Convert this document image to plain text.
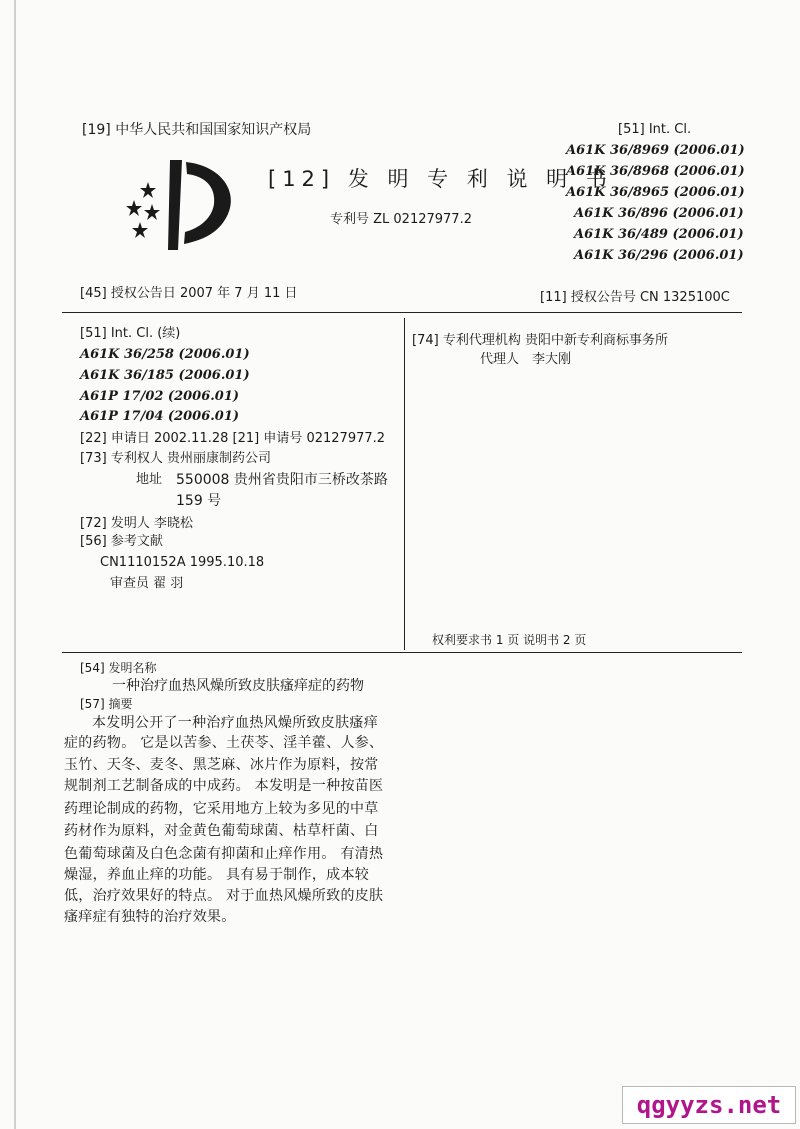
[19] 中华人民共和国国家知识产权局
[12] 发 明 专 利 说 明 书
专利号 ZL 02127977.2
[51] Int. Cl.
A61K 36/8969 (2006.01)
A61K 36/8968 (2006.01)
A61K 36/8965 (2006.01)
A61K 36/896 (2006.01)
A61K 36/489 (2006.01)
A61K 36/296 (2006.01)
[45] 授权公告日 2007 年 7 月 11 日	[11] 授权公告号 CN 1325100C
[51] Int. Cl. (续)
A61K 36/258 (2006.01)
A61K 36/185 (2006.01)
A61P 17/02 (2006.01)
A61P 17/04 (2006.01)
[22] 申请日 2002.11.28 [21] 申请号 02127977.2
[73] 专利权人 贵州丽康制药公司
地址 550008 贵州省贵阳市三桥改茶路
159 号
[72] 发明人 李晓松
[56] 参考文献
CN1110152A 1995.10.18
审查员 翟 羽
[74] 专利代理机构 贵阳中新专利商标事务所
代理人 李大刚
权利要求书 1 页 说明书 2 页
[54] 发明名称
一种治疗血热风燥所致皮肤瘙痒症的药物
[57] 摘要
本发明公开了一种治疗血热风燥所致皮肤瘙痒
症的药物。 它是以苦参、土茯苓、淫羊藿、人参、
玉竹、天冬、麦冬、黑芝麻、冰片作为原料，按常
规制剂工艺制备成的中成药。 本发明是一种按苗医
药理论制成的药物，它采用地方上较为多见的中草
药材作为原料，对金黄色葡萄球菌、枯草杆菌、白
色葡萄球菌及白色念菌有抑菌和止痒作用。 有清热
燥湿，养血止痒的功能。 具有易于制作，成本较
低，治疗效果好的特点。 对于血热风燥所致的皮肤
瘙痒症有独特的治疗效果。
qgyyzs.net
